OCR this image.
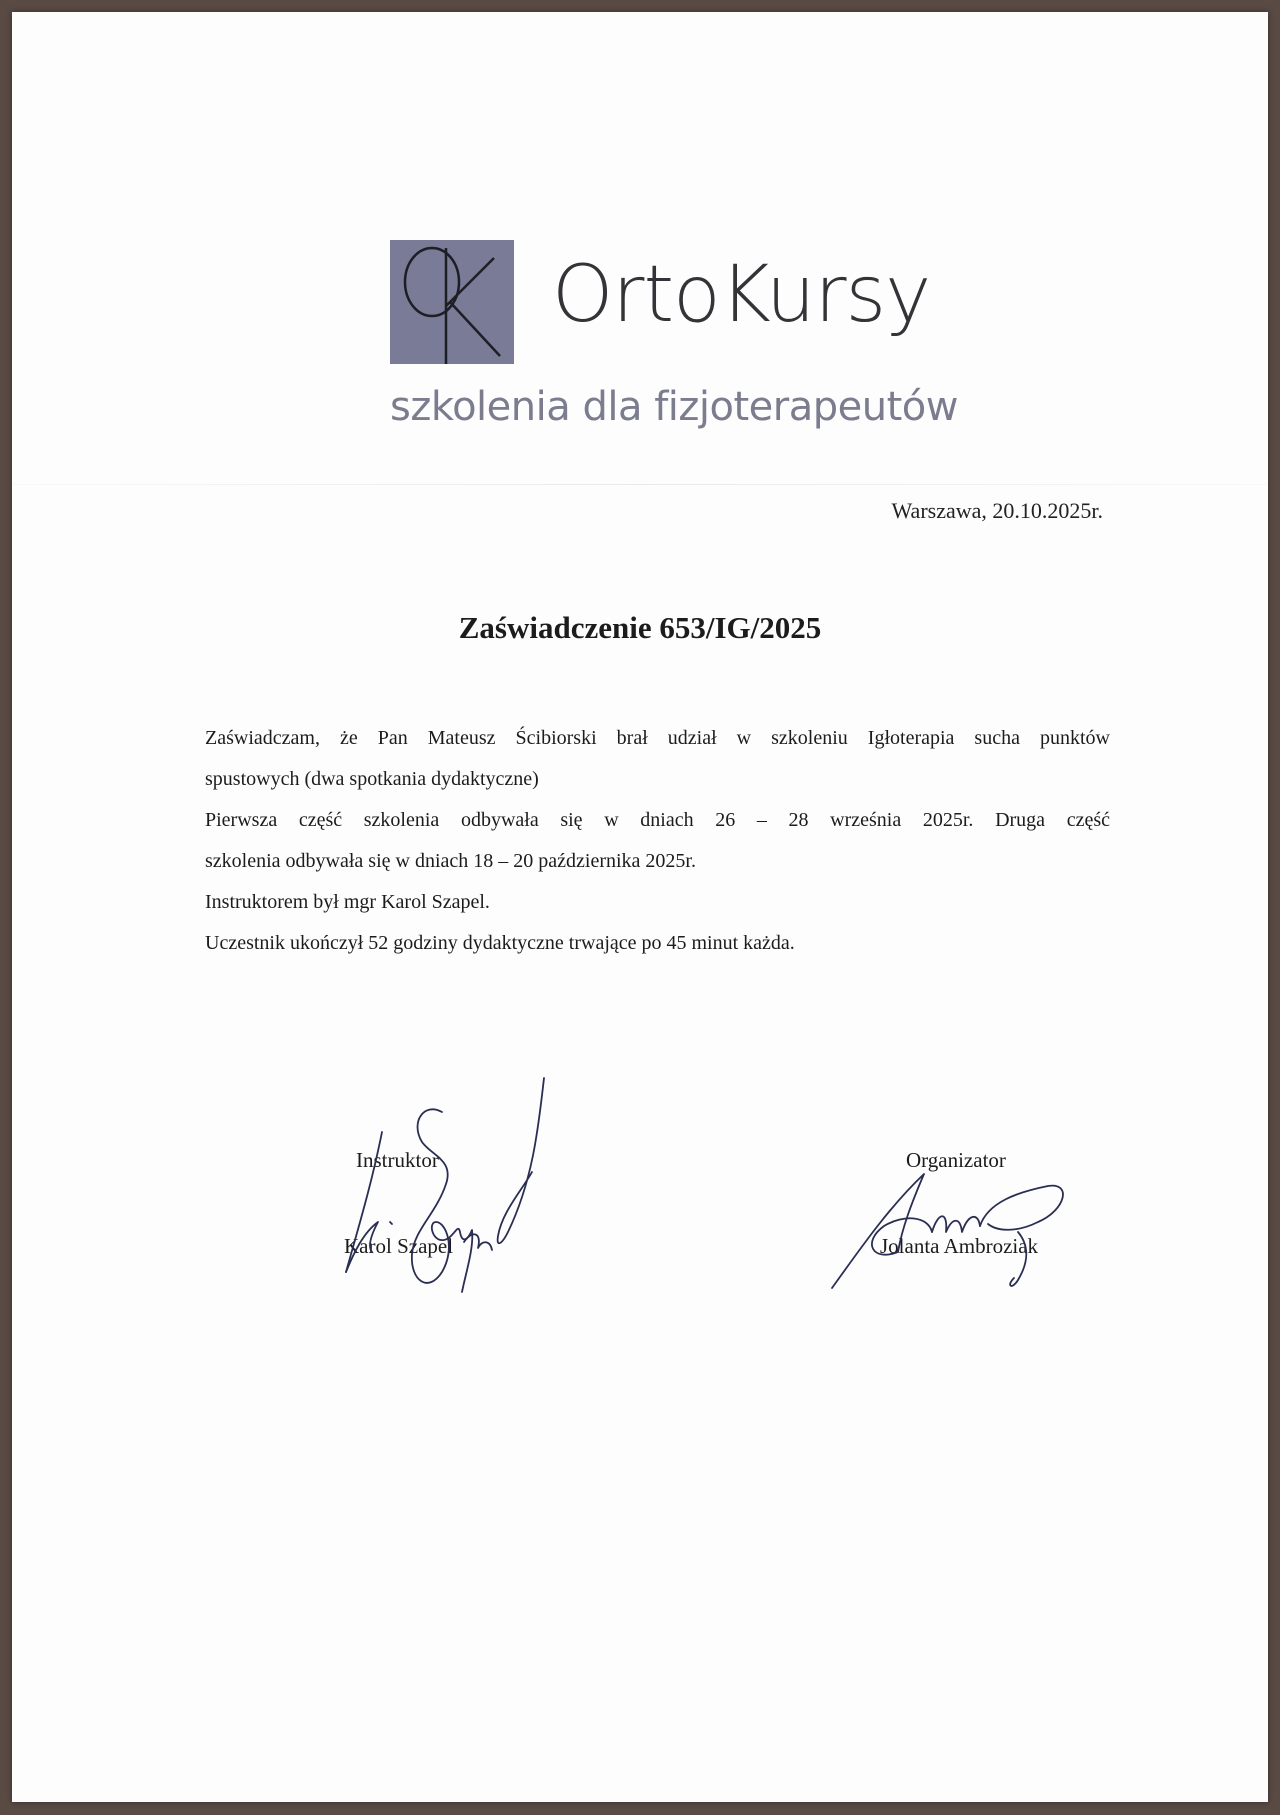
OrtoKursy
szkolenia dla fizjoterapeutów
Warszawa, 20.10.2025r.
Zaświadczenie 653/IG/2025

Zaświadczam, że Pan Mateusz Ścibiorski brał udział w szkoleniu Igłoterapia sucha punktów

spustowych (dwa spotkania dydaktyczne)

Pierwsza część szkolenia odbywała się w dniach 26 – 28 września 2025r. Druga część

szkolenia odbywała się w dniach 18 – 20 października 2025r.

Instruktorem był mgr Karol Szapel.

Uczestnik ukończył 52 godziny dydaktyczne trwające po 45 minut każda.

Instruktor
Karol Szapel
Organizator
Jolanta Ambroziak
